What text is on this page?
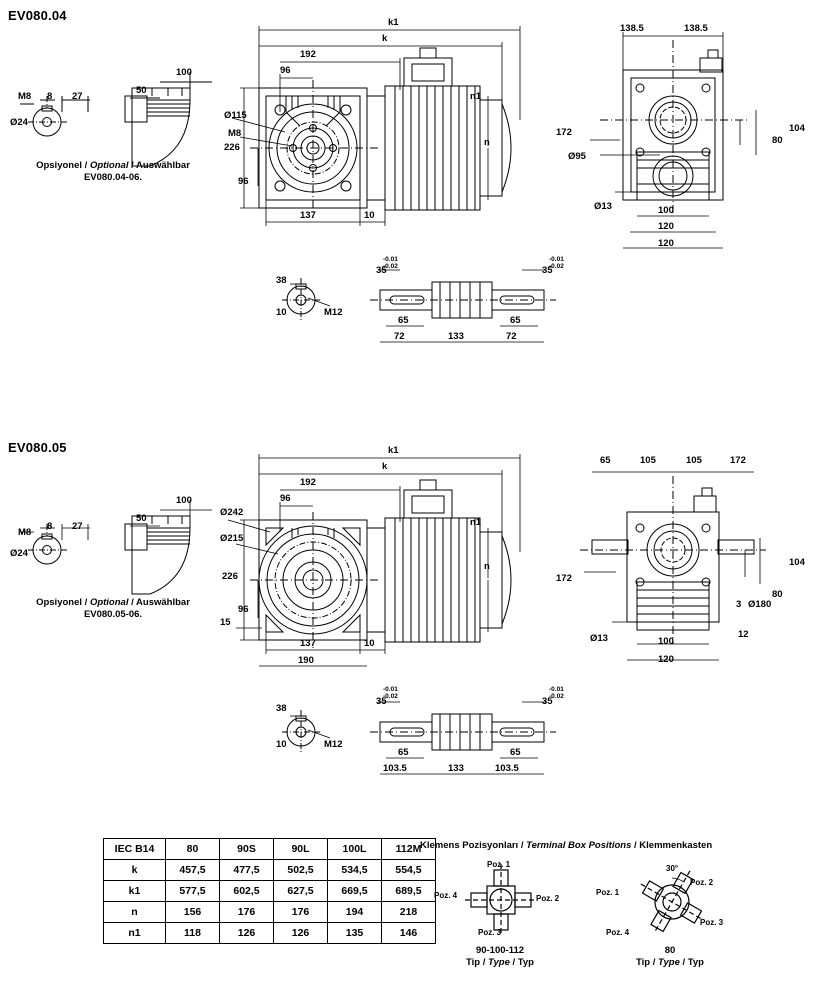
EV080.04
EV080.05
k1
k
192
96
Ø115
M8
226
96
137	10
n1
n
M8 8 27
Ø24
100
50
138.5	138.5
172
Ø95
Ø13
80
104
100
120
120
38
10	M12
-0.01
-0.02
-0.01
-0.02
35	35
65	65
72	133	72
Opsiyonel / Optional / Auswählbar
EV080.04-06.
k1
k
192
96
Ø242
Ø215
226
96
15
137	10
190
n1
n
M8
8 27
Ø24
100
50
65	105	105	172
172
Ø13
3 Ø180
12
80
104
100
120
38
10	M12
-0.01
-0.02
-0.01
-0.02
35	35
65	65
103.5	133	103.5
Opsiyonel / Optional / Auswählbar
EV080.05-06.
IEC B14	80	90S	90L	100L	112M
k	457,5	477,5	502,5	534,5	554,5
k1	577,5	602,5	627,5	669,5	689,5
n	156	176	176	194	218
n1	118	126	126	135	146
Klemens Pozisyonları / Terminal Box Positions / Klemmenkasten
Poz. 1
Poz. 2
Poz. 3
Poz. 4
30°
Poz. 1
Poz. 2
Poz. 3
Poz. 4
90-100-112
Tip / Type / Typ
80
Tip / Type / Typ
